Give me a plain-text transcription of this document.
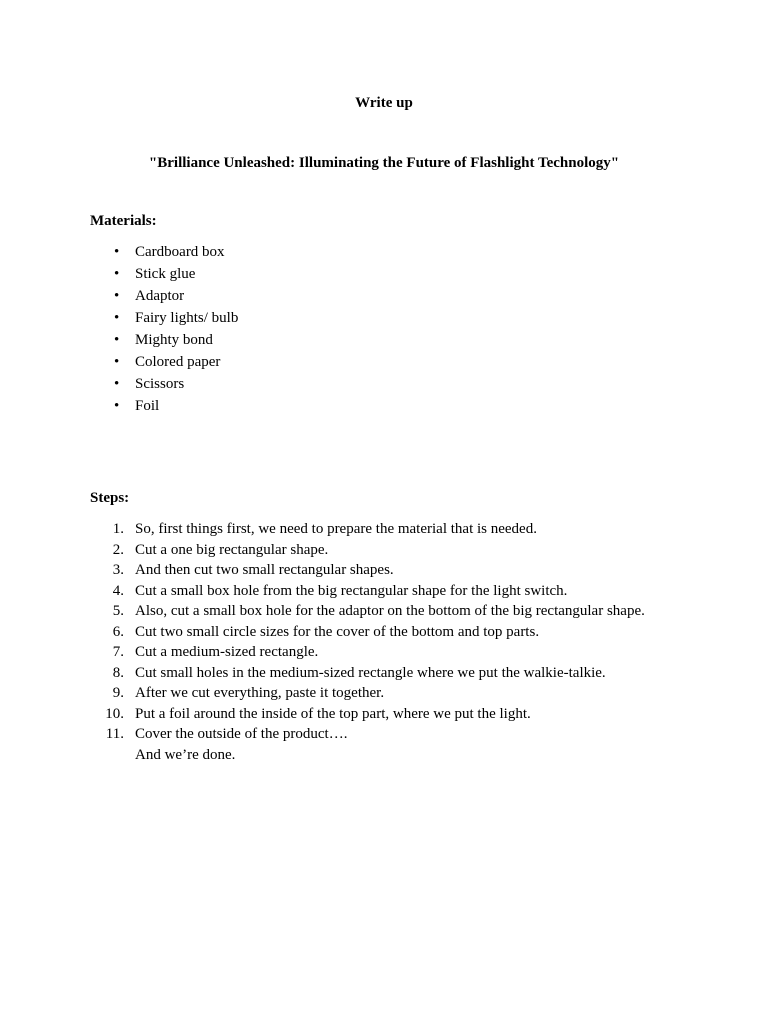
Write up
"Brilliance Unleashed: Illuminating the Future of Flashlight Technology"
Materials:
• Cardboard box
• Stick glue
• Adaptor
• Fairy lights/ bulb
• Mighty bond
• Colored paper
• Scissors
• Foil
Steps:
1. So, first things first, we need to prepare the material that is needed.
2. Cut a one big rectangular shape.
3. And then cut two small rectangular shapes.
4. Cut a small box hole from the big rectangular shape for the light switch.
5. Also, cut a small box hole for the adaptor on the bottom of the big rectangular shape.
6. Cut two small circle sizes for the cover of the bottom and top parts.
7. Cut a medium-sized rectangle.
8. Cut small holes in the medium-sized rectangle where we put the walkie-talkie.
9. After we cut everything, paste it together.
10. Put a foil around the inside of the top part, where we put the light.
11. Cover the outside of the product….
And we’re done.
